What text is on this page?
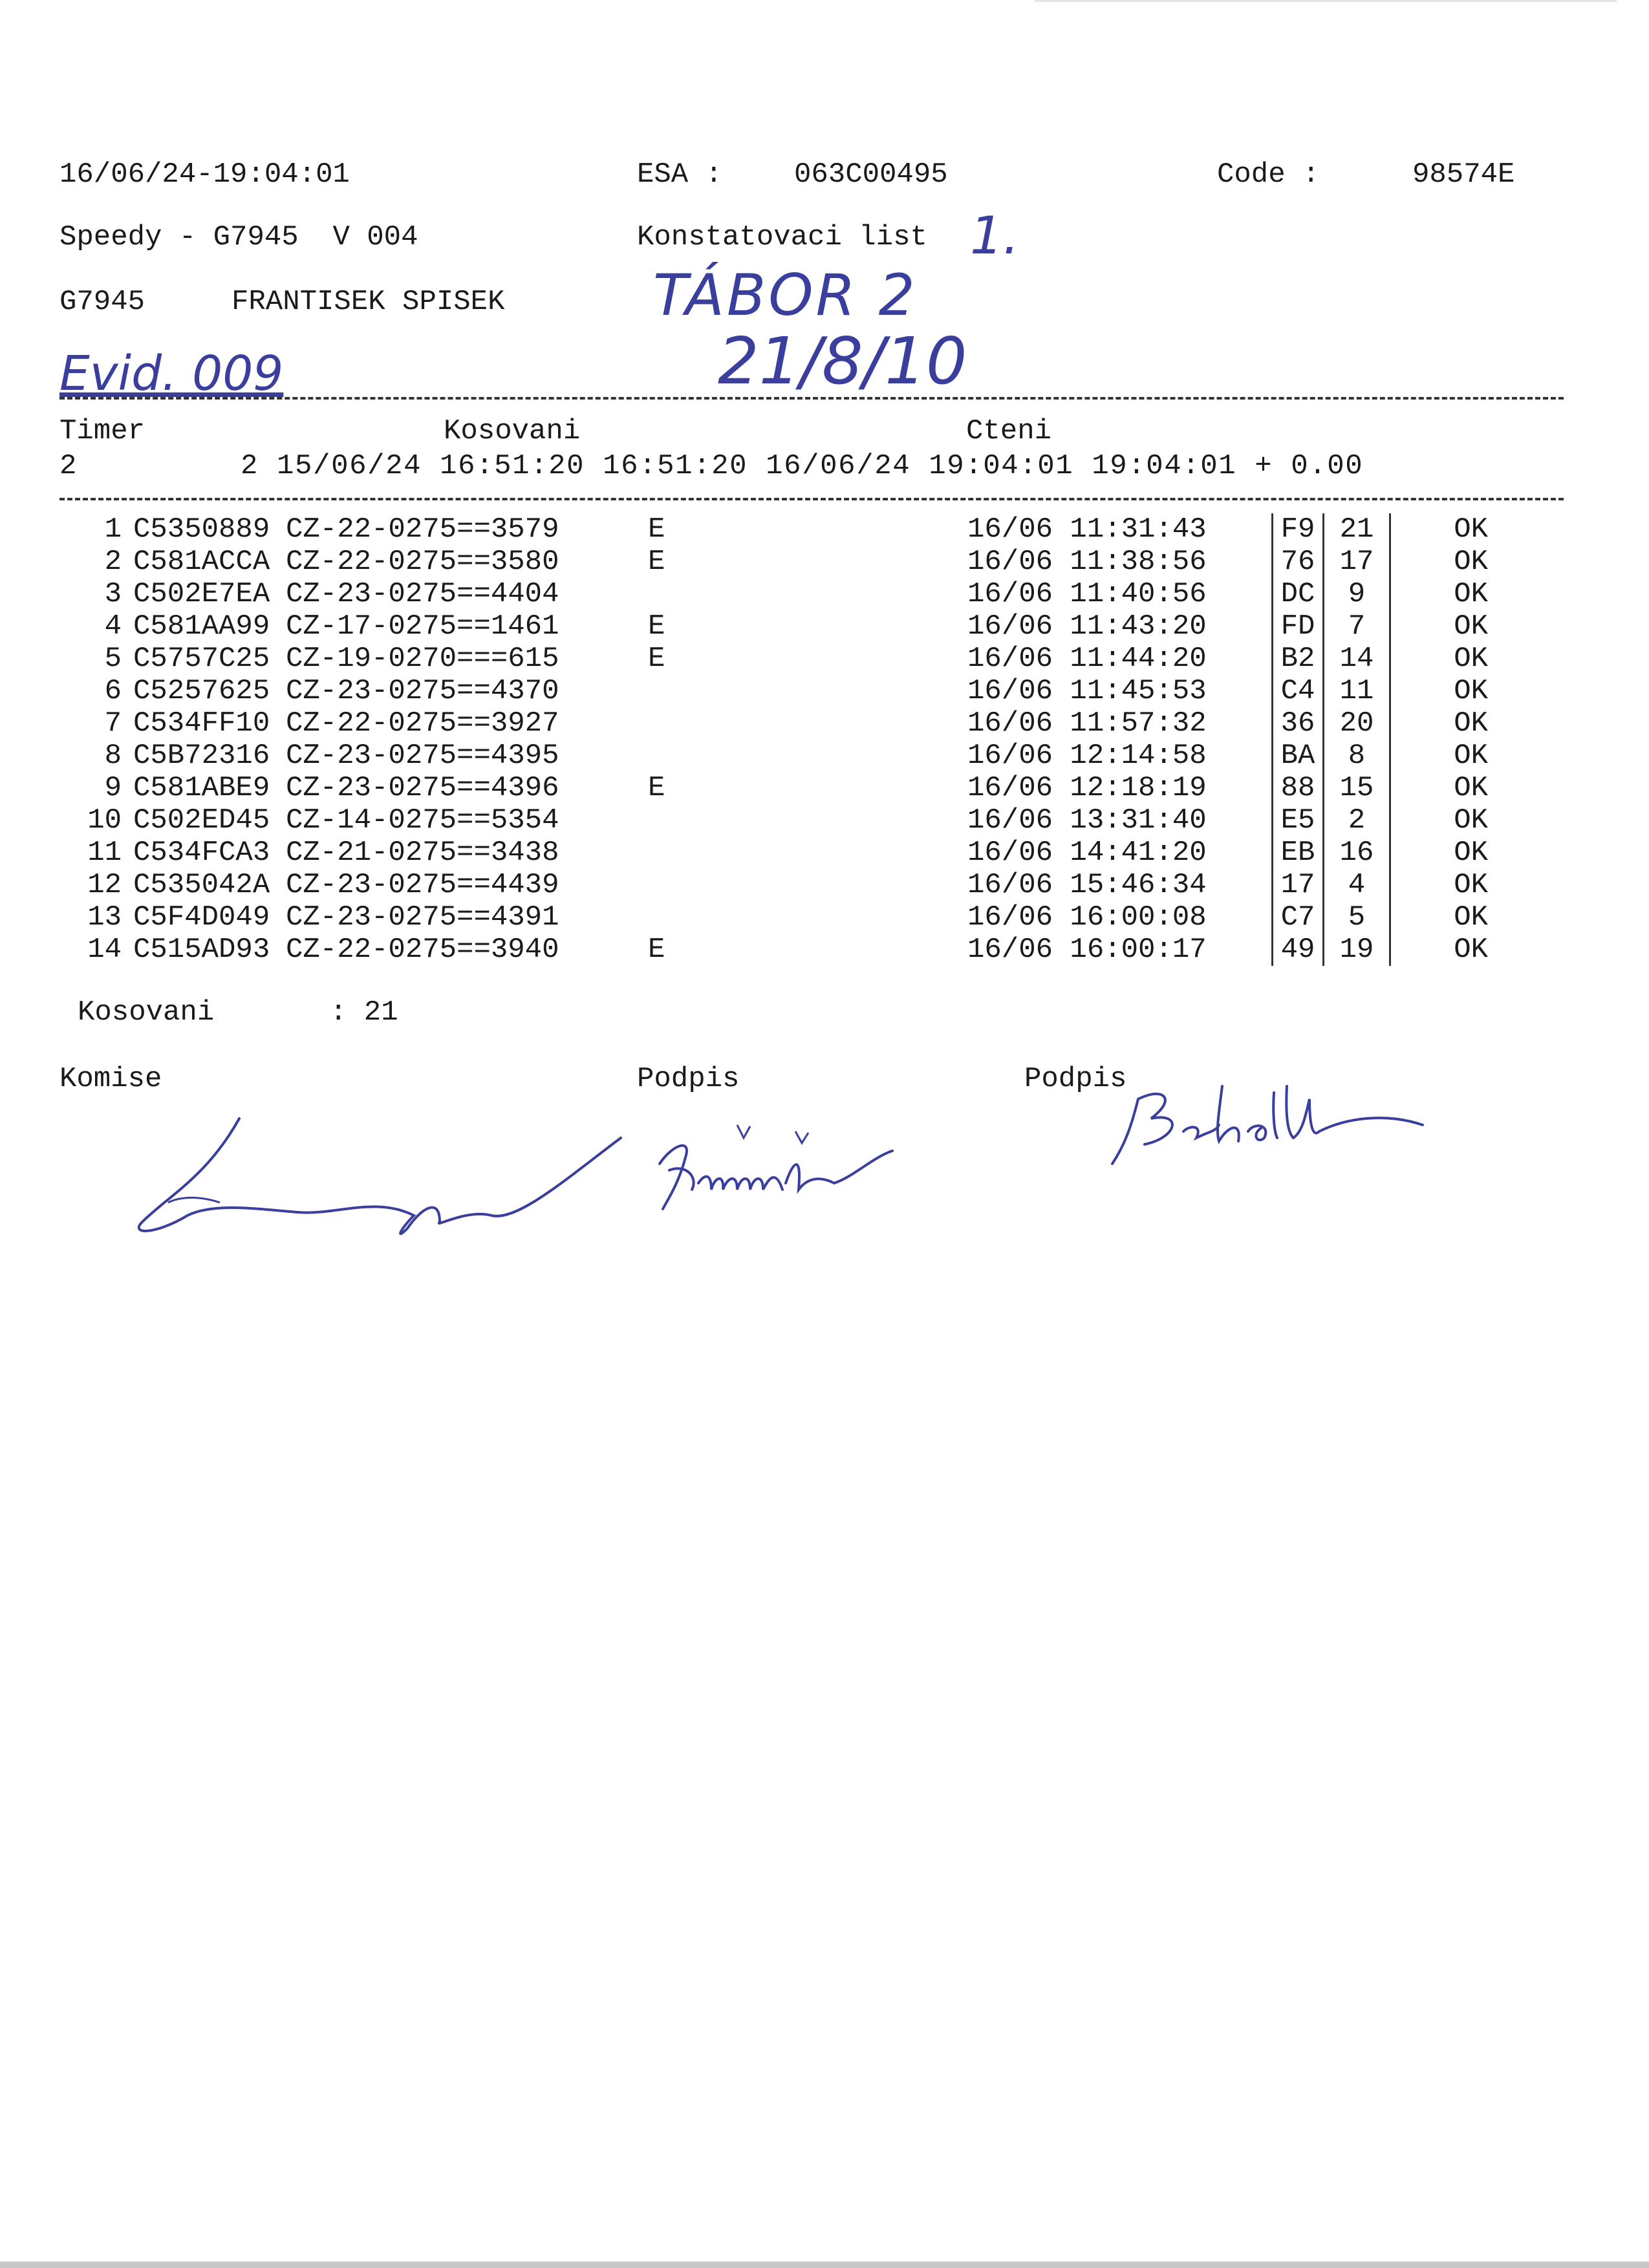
16/06/24-19:04:01	ESA :	063C00495	Code :	98574E
Speedy - G7945  V 004	Konstatovaci list 1.
G7945	FRANTISEK SPISEK	TÁBOR 2
Evid. 009	21/8/10
Timer	Kosovani	Cteni
2         2 15/06/24 16:51:20 16:51:20 16/06/24 19:04:01 19:04:01 + 0.00
1	C5350889	CZ-22-0275==3579	E		16/06 11:31:43	F9	21	OK
2	C581ACCA	CZ-22-0275==3580	E		16/06 11:38:56	76	17	OK
3	C502E7EA	CZ-23-0275==4404			16/06 11:40:56	DC	9	OK
4	C581AA99	CZ-17-0275==1461	E		16/06 11:43:20	FD	7	OK
5	C5757C25	CZ-19-0270===615	E		16/06 11:44:20	B2	14	OK
6	C5257625	CZ-23-0275==4370			16/06 11:45:53	C4	11	OK
7	C534FF10	CZ-22-0275==3927			16/06 11:57:32	36	20	OK
8	C5B72316	CZ-23-0275==4395			16/06 12:14:58	BA	8	OK
9	C581ABE9	CZ-23-0275==4396	E		16/06 12:18:19	88	15	OK
10	C502ED45	CZ-14-0275==5354			16/06 13:31:40	E5	2	OK
11	C534FCA3	CZ-21-0275==3438			16/06 14:41:20	EB	16	OK
12	C535042A	CZ-23-0275==4439			16/06 15:46:34	17	4	OK
13	C5F4D049	CZ-23-0275==4391			16/06 16:00:08	C7	5	OK
14	C515AD93	CZ-22-0275==3940	E		16/06 16:00:17	49	19	OK
Kosovani	: 21
Komise	Podpis	Podpis
